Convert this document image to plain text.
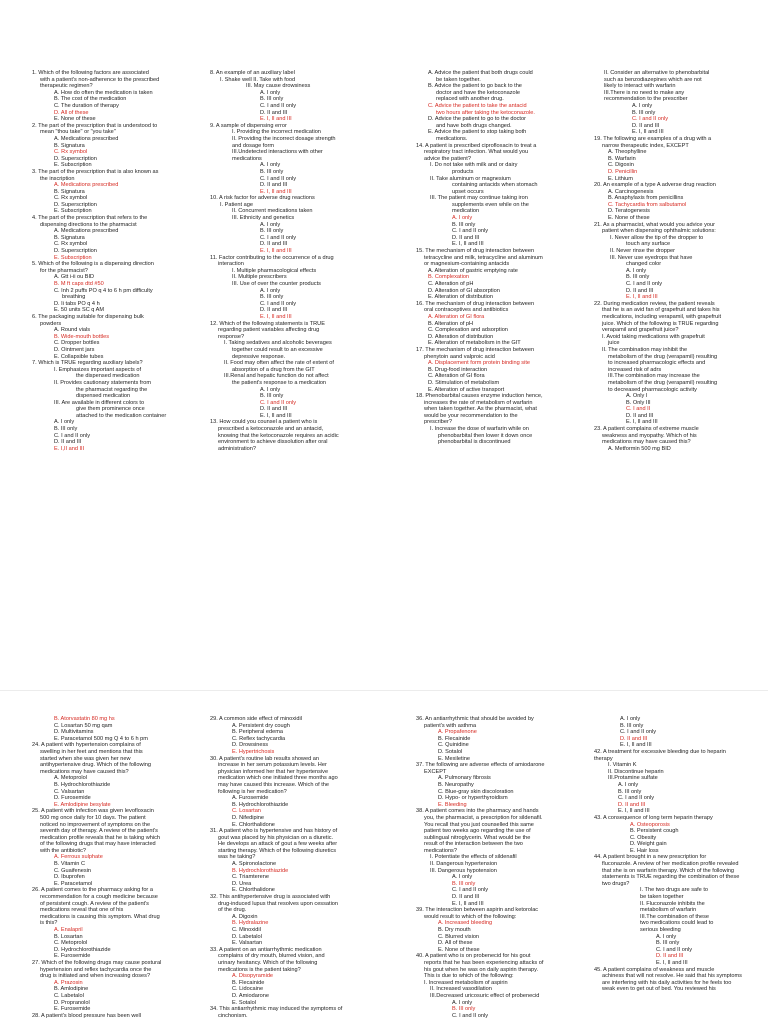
1. Which of the following factors are associated
with a patient's non-adherence to the prescribed
therapeutic regimen?
A. How do often the medication is taken
B. The cost of the medication
C. The duration of therapy
D. All of these
E. None of these
2. The part of the prescription that is understood to
mean "thou take" or "you take"
A. Medications prescribed
B. Signatura
C. Rx symbol
D. Superscription
E. Subscription
3. The part of the prescription that is also known as
the inscription
A. Medications prescribed
B. Signatura
C. Rx symbol
D. Superscription
E. Subscription
4. The part of the prescription that refers to the
dispensing directions to the pharmacist
A. Medications prescribed
B. Signatura
C. Rx symbol
D. Superscription
E. Subscription
5. Which of the following is a dispensing direction
for the pharmacist?
A. Gtt i-ii ou BID
B. M ft caps dtd #50
C. Inh 2 puffs PO q 4 to 6 h pm difficulty
breathing
D. Ii tabs PO q 4 h
E. 50 units SC q AM
6. The packaging suitable for dispensing bulk
powders
A. Round vials
B. Wide-mouth bottles
C. Dropper bottles
D. Ointment jars
E. Collapsible tubes
7. Which is TRUE regarding auxiliary labels?
I. Emphasizes important aspects of
the dispensed medication
II. Provides cautionary statements from
the pharmacist regarding the
dispensed medication
III. Are available in different colors to
give them prominence once
attached to the medication container
A. I only
B. III only
C. I and II only
D. II and III
E. I,II and III
8. An example of an auxiliary label
I. Shake well II. Take with food
III. May cause drowsiness
A. I only
B. III only
C. I and II only
D. II and III
E. I, II and III
9. A sample of dispensing error
I. Providing the incorrect medication
II. Providing the incorrect dosage strength
and dosage form
III.Undetected interactions with other
medications
A. I only
B. III only
C. I and II only
D. II and III
E. I, II and III
10. A risk factor for adverse drug reactions
I. Patient age
II. Concurrent medications taken
III. Ethnicity and genetics
A. I only
B. III only
C. I and II only
D. II and III
E. I, II and III
11. Factor contributing to the occurrence of a drug
interaction
I. Multiple pharmacological effects
II. Multiple prescribers
III. Use of over the counter products
A. I only
B. III only
C. I and II only
D. II and III
E. I, II and III
12. Which of the following statements is TRUE
regarding patient variables affecting drug
response?
I. Taking sedatives and alcoholic beverages
together could result to an excessive
depressive response.
II. Food may often affect the rate of extent of
absorption of a drug from the GIT
III.Renal and hepatic function do not affect
the patient's response to a medication
A. I only
B. III only
C. I and II only
D. II and III
E. I, II and III
13. How could you counsel a patient who is
prescribed a ketoconazole and an antacid,
knowing that the ketoconazole requires an acidic
environment to achieve dissolution after oral
administration?
A. Advice the patient that both drugs could
be taken together.
B. Advice the patient to go back to the
doctor and have the ketoconazole
replaced with another drug.
C. Advice the patient to take the antacid
two hours after taking the ketoconazole.
D. Advice the patient to go to the doctor
and have both drugs changed.
E. Advice the patient to stop taking both
medications.
14. A patient is prescribed ciprofloxacin to treat a
respiratory tract infection. What would you
advice the patient?
I. Do not take with milk and or dairy
products
II. Take aluminum or magnesium
containing antacids when stomach
upset occurs
III. The patient may continue taking iron
supplements even while on the
medication
A. I only
B. III only
C. I and II only
D. II and III
E. I, II and III
15. The mechanism of drug interaction between
tetracycline and milk, tetracycline and aluminum
or magnesium-containing antacids
A. Alteration of gastric emptying rate
B. Complexation
C. Alteration of pH
D. Alteration of GI absorption
E. Alteration of distribution
16. The mechanism of drug interaction between
oral contraceptives and antibiotics
A. Alteration of GI flora
B. Alteration of pH
C. Complexation and adsorption
D. Alteration of distribution
E. Alteration of metabolism in the GIT
17. The mechanism of drug interaction between
phenytoin aand valproic acid
A. Displacement form protein binding site
B. Drug-food interaction
C. Alteration of GI flora
D. Stimulation of metabolism
E. Alteration of active transport
18. Phenobarbital causes enzyme induction hence,
increases the rate of metabolism of warfarin
when taken together. As the pharmacist, what
would be your recommendation to the
prescriber?
I. Increase the dose of warfarin while on
phenobarbital then lower it down once
phenobarbital is discontinued
II. Consider an alternative to phenobarbital
such as benzodiazepines which are not
likely to interact with warfarin
III.There is no need to make any
recommendation to the prescriber
A. I only
B. III only
C. I and II only
D. II and III
E. I, II and III
19. The following are examples of a drug with a
narrow therapeutic index, EXCEPT
A. Theophylline
B. Warfarin
C. Digoxin
D. Penicillin
E. Lithium
20. An example of a type A adverse drug reaction
A. Carcinogenesis
B. Anaphylaxis from penicillins
C. Tachycardia from salbutamol
D. Teratogenesis
E. None of these
21. As a pharmacist, what would you advice your
patient when dispensing ophthalmic solutions:
I. Never allow the tip of the dropper to
touch any surface
II. Never rinse the dropper
III. Never use eyedrops that have
changed color
A. I only
B. III only
C. I and II only
D. II and III
E. I, II and III
22. During medication review, the patient reveals
that he is an avid fan of grapefruit and takes his
medications, including verapamil, with grapefruit
juice. Which of the following is TRUE regarding
verapamil and grapefruit juice?
I. Avoid taking medications with grapefruit
juice
II. The combination may inhibit the
metabolism of the drug (verapamil) resulting
to increased pharmacologic effects and
increased risk of adrs
III.The combination may increase the
metabolism of the drug (verapamil) resulting
to decreased pharmacologic activity
A. Only I
B. Only III
C. I and II
D. II and III
E. I, II and III
23. A patient complains of extreme muscle
weakness and myopathy. Which of his
medications may have caused this?
A. Metformin 500 mg BID
B. Atorvastatin 80 mg hs
C. Losartan 50 mg qam
D. Multivitamins
E. Paracetamol 500 mg Q 4 to 6 h pm
24. A patient with hypertension complains of
swelling in her feet and mentions that this
started when she was given her new
antihypertensive drug. Which of the following
medications may have caused this?
A. Metoprolol
B. Hydrochlorothiazide
C. Valsartan
D. Furosemide
E. Amlodipine besylate
25. A patient with infection was given levofloxacin
500 mg once daily for 10 days. The patient
noticed no improvement of symptoms on the
seventh day of therapy. A review of the patient's
medication profile reveals that he is taking which
of the following drugs that may have interacted
with the antibiotic?
A. Ferrous sulphate
B. Vitamin C
C. Guaifenesin
D. Ibuprofen
E. Paracetamol
26. A patient comes to the pharmacy asking for a
recommendation for a cough medicine because
of persistent cough. A review of the patient's
medications reveal that one of his
medications is causing this symptom. What drug
is this?
A. Enalapril
B. Losartan
C. Metoprolol
D. Hydrochlorothiazide
E. Furosemide
27. Which of the following drugs may cause postural
hypertension and reflex tachycardia once the
drug is initiated and when increasing doses?
A. Prazosin
B. Amlodipine
C. Labetalol
D. Propranolol
E. Furosemide
28. A patient's blood pressure has been well
29. A common side effect of minoxidil
A. Persistent dry cough
B. Peripheral edema
C. Reflex tachycardia
D. Drowsiness
E. Hypertrichosis
30. A patient's routine lab results showed an
increase in her serum potassium levels. Her
physician informed her that her hypertensive
medication which one initiated three months ago
may have caused this increase. Which of the
following is her medication?
A. Furosemide
B. Hydrochlorothiazide
C. Losartan
D. Nifedipine
E. Chlorthalidone
31. A patient who is hypertensive and has history of
gout was placed by his physician on a diuretic.
He develops an attack of gout a few weeks after
starting therapy. Which of the following diuretics
was he taking?
A. Spironolactone
B. Hydrochlorothiazide
C. Triamterene
D. Urea
E. Chlorthalidone
32. This antihypertensive drug is associated with
drug-induced lupus that resolves upon cessation
of the drug.
A. Digoxin
B. Hydralazine
C. Minoxidil
D. Labetalol
E. Valsartan
33. A patient on an antiarrhythmic medication
complains of dry mouth, blurred vision, and
urinary hesitancy. Which of the following
medications is the patient taking?
A. Disopyramide
B. Flecainide
C. Lidocaine
D. Amiodarone
E. Sotalol
34. This antiarrhythmic may induced the symptoms of
cinchonism.
36. An antiarrhythmic that should be avoided by
patient's with asthma
A. Propafenone
B. Flecainide
C. Quinidine
D. Sotalol
E. Mexiletine
37. The following are adverse effects of amiodarone
EXCEPT
A. Pulmonary fibrosis
B. Neuropathy
C. Blue-gray skin discoloration
D. Hypo- or hyperthyroidism
E. Bleeding
38. A patient comes into the pharmacy and hands
you, the pharmacist, a prescription for sildenafil.
You recall that you just counselled this same
patient two weeks ago regarding the use of
sublingual nitroglycerin. What would be the
result of the interaction between the two
medications?
I. Potentiate the effects of sildenafil
II. Dangerous hypertension
III. Dangerous hypotension
A. I only
B. III only
C. I and II only
D. II and III
E. I, II and III
39. The interaction between aspirin and ketorolac
would result to which of the following:
A. Increased bleeding
B. Dry mouth
C. Blurred vision
D. All of these
E. None of these
40. A patient who is on probenecid for his gout
reports that he has been experiencing attacks of
his gout when he was on daily aspirin therapy.
This is due to which of the following:
I. Increased metabolism of aspirin
II. Increased vasodilation
III.Decreased uricosuric effect of probenecid
A. I only
B. III only
C. I and II only
A. I only
B. III only
C. I and II only
D. II and III
E. I, II and III
42. A treatment for excessive bleeding due to heparin
therapy
I. Vitamin K
II. Discontinue heparin
III.Protamine sulfate
A. I only
B. III only
C. I and II only
D. II and III
E. I, II and III
43. A consequence of long term heparin therapy
A. Osteoporosis
B. Persistent cough
C. Obesity
D. Weight gain
E. Hair loss
44. A patient brought in a new prescription for
fluconazole. A review of her medication profile revealed
that she is on warfarin therapy. Which of the following
statements is TRUE regarding the combination of these
two drugs?
I. The two drugs are safe to
be taken together
II. Fluconazole inhibits the
metabolism of warfarin
III.The combination of these
two medications could lead to
serious bleeding
A. I only
B. III only
C. I and II only
D. II and III
E. I, II and III
45. A patient complains of weakness and muscle
achiness that will not resolve. He said that his symptoms
are interfering with his daily activities for he feels too
weak even to get out of bed. You reviewed his
